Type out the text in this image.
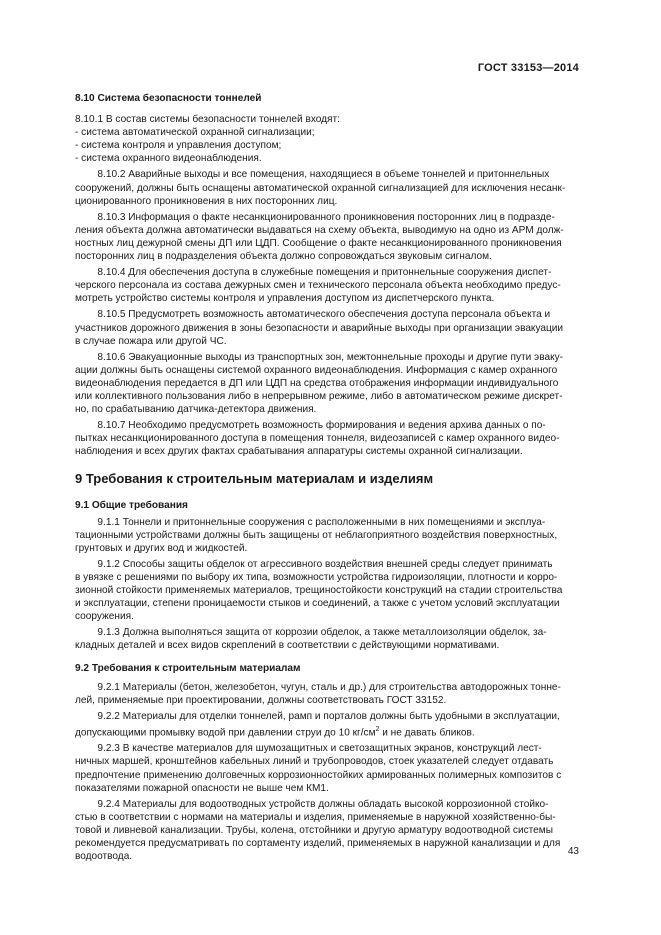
ГОСТ 33153—2014
8.10 Система безопасности тоннелей
8.10.1 В состав системы безопасности тоннелей входят:
- система автоматической охранной сигнализации;
- система контроля и управления доступом;
- система охранного видеонаблюдения.

8.10.2 Аварийные выходы и все помещения, находящиеся в объеме тоннелей и притоннельных
сооружений, должны быть оснащены автоматической охранной сигнализацией для исключения несанк-
ционированного проникновения в них посторонних лиц.

8.10.3 Информация о факте несанкционированного проникновения посторонних лиц в подразде-
ления объекта должна автоматически выдаваться на схему объекта, выводимую на одно из АРМ долж-
ностных лиц дежурной смены ДП или ЦДП. Сообщение о факте несанкционированного проникновения
посторонних лиц в подразделения объекта должно сопровождаться звуковым сигналом.

8.10.4 Для обеспечения доступа в служебные помещения и притоннельные сооружения диспет-
черского персонала из состава дежурных смен и технического персонала объекта необходимо предус-
мотреть устройство системы контроля и управления доступом из диспетчерского пункта.

8.10.5 Предусмотреть возможность автоматического обеспечения доступа персонала объекта и
участников дорожного движения в зоны безопасности и аварийные выходы при организации эвакуации
в случае пожара или другой ЧС.

8.10.6 Эвакуационные выходы из транспортных зон, межтоннельные проходы и другие пути эваку-
ации должны быть оснащены системой охранного видеонаблюдения. Информация с камер охранного
видеонаблюдения передается в ДП или ЦДП на средства отображения информации индивидуального
или коллективного пользования либо в непрерывном режиме, либо в автоматическом режиме дискрет-
но, по срабатыванию датчика-детектора движения.

8.10.7 Необходимо предусмотреть возможность формирования и ведения архива данных о по-
пытках несанкционированного доступа в помещения тоннеля, видеозаписей с камер охранного видео-
наблюдения и всех других фактах срабатывания аппаратуры системы охранной сигнализации.

9 Требования к строительным материалам и изделиям
9.1 Общие требования

9.1.1 Тоннели и притоннельные сооружения с расположенными в них помещениями и эксплуа-
тационными устройствами должны быть защищены от неблагоприятного воздействия поверхностных,
грунтовых и других вод и жидкостей.

9.1.2 Способы защиты обделок от агрессивного воздействия внешней среды следует принимать
в увязке с решениями по выбору их типа, возможности устройства гидроизоляции, плотности и корро-
зионной стойкости применяемых материалов, трещиностойкости конструкций на стадии строительства
и эксплуатации, степени проницаемости стыков и соединений, а также с учетом условий эксплуатации
сооружения.

9.1.3 Должна выполняться защита от коррозии обделок, а также металлоизоляции обделок, за-
кладных деталей и всех видов скреплений в соответствии с действующими нормативами.

9.2 Требования к строительным материалам

9.2.1 Материалы (бетон, железобетон, чугун, сталь и др.) для строительства автодорожных тонне-
лей, применяемые при проектировании, должны соответствовать ГОСТ 33152.

9.2.2 Материалы для отделки тоннелей, рамп и порталов должны быть удобными в эксплуатации,
допускающими промывку водой при давлении струи до 10 $кг/см^2$ и не давать бликов.

9.2.3 В качестве материалов для шумозащитных и светозащитных экранов, конструкций лест-
ничных маршей, кронштейнов кабельных линий и трубопроводов, стоек указателей следует отдавать
предпочтение применению долговечных коррозионностойких армированных полимерных композитов с
показателями пожарной опасности не выше чем КМ1.

9.2.4 Материалы для водоотводных устройств должны обладать высокой коррозионной стойко-
стью в соответствии с нормами на материалы и изделия, применяемые в наружной хозяйственно-бы-
товой и ливневой канализации. Трубы, колена, отстойники и другую арматуру водоотводной системы
рекомендуется предусматривать по сортаменту изделий, применяемых в наружной канализации и для
водоотвода.	43
